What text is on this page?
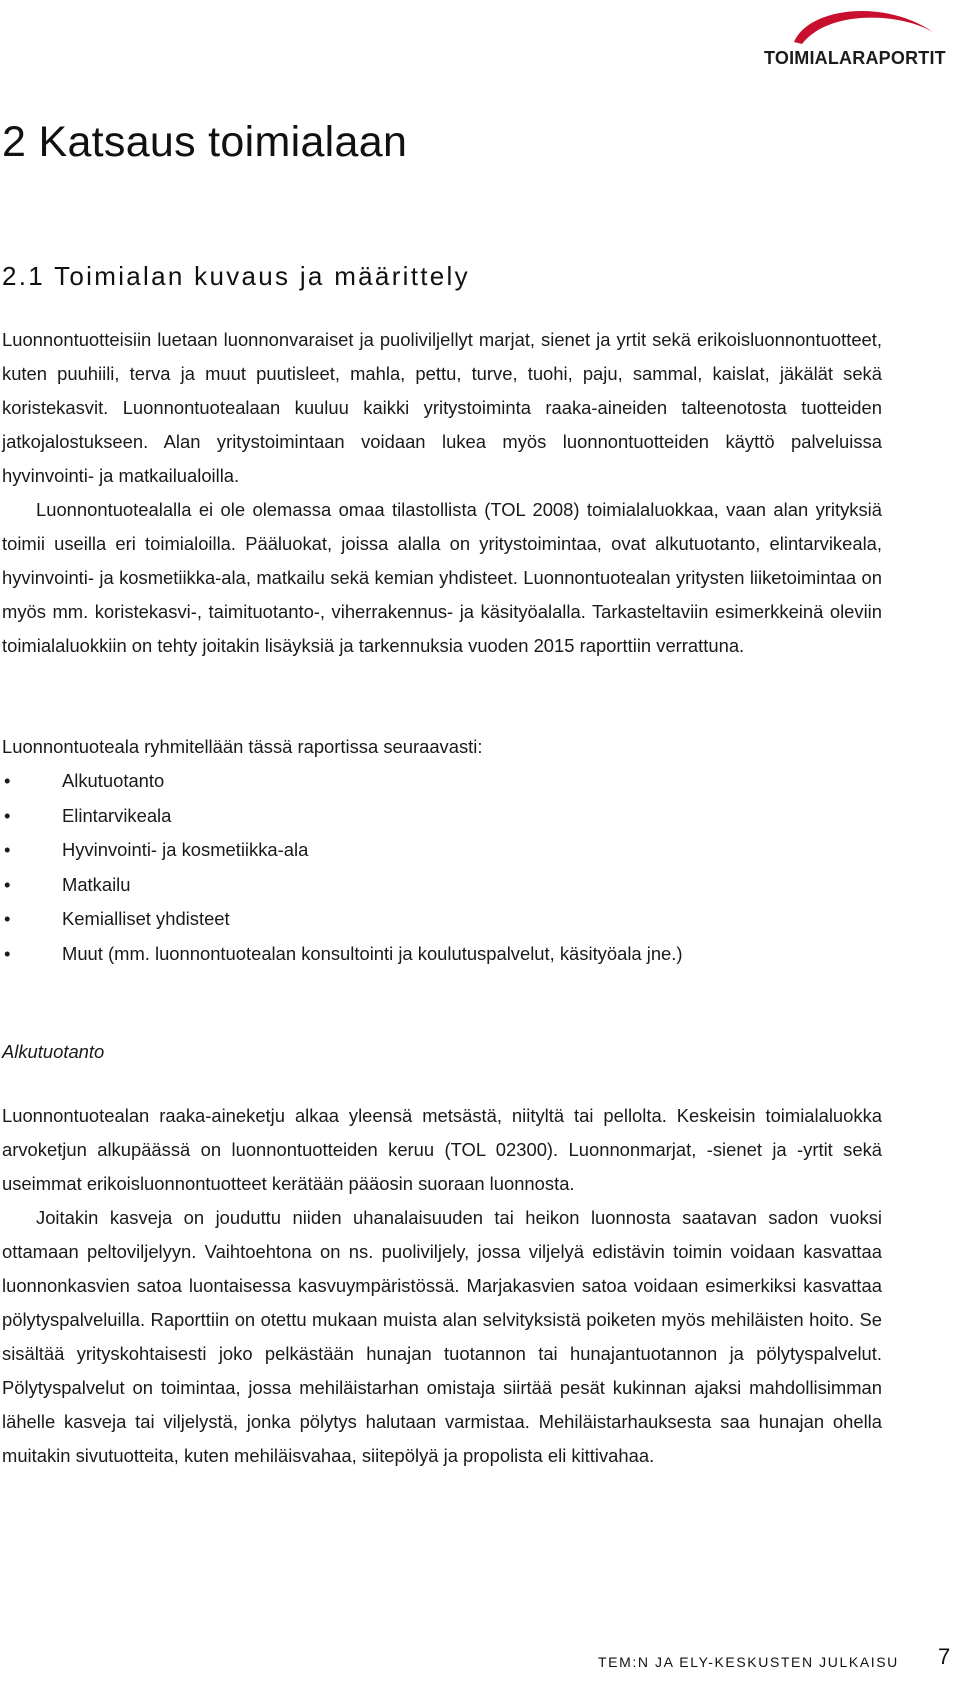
TOIMIALARAPORTIT
2 Katsaus toimialaan
2.1 Toimialan kuvaus ja määrittely

Luonnontuotteisiin luetaan luonnonvaraiset ja puoliviljellyt marjat, sienet ja yrtit sekä erikoisluonnontuotteet, kuten puuhiili, terva ja muut puutisleet, mahla, pettu, turve, tuohi, paju, sammal, kaislat, jäkälät sekä koristekasvit. Luonnontuotealaan kuuluu kaikki yritystoiminta raaka-aineiden talteenotosta tuotteiden jatkojalostukseen. Alan yritystoimintaan voidaan lukea myös luonnontuotteiden käyttö palveluissa hyvinvointi- ja matkailualoilla.

Luonnontuotealalla ei ole olemassa omaa tilastollista (TOL 2008) toimialaluokkaa, vaan alan yrityksiä toimii useilla eri toimialoilla. Pääluokat, joissa alalla on yritystoimintaa, ovat alkutuotanto, elintarvikeala, hyvinvointi- ja kosmetiikka-ala, matkailu sekä kemian yhdisteet. Luonnontuotealan yritysten liiketoimintaa on myös mm. koristekasvi-, taimituotanto-, viherrakennus- ja käsityöalalla. Tarkasteltaviin esimerkkeinä oleviin toimialaluokkiin on tehty joitakin lisäyksiä ja tarkennuksia vuoden 2015 raporttiin verrattuna.

Luonnontuoteala ryhmitellään tässä raportissa seuraavasti:

•	Alkutuotanto
•	Elintarvikeala
•	Hyvinvointi- ja kosmetiikka-ala
•	Matkailu
•	Kemialliset yhdisteet
•	Muut (mm. luonnontuotealan konsultointi ja koulutuspalvelut, käsityöala jne.)
Alkutuotanto

Luonnontuotealan raaka-aineketju alkaa yleensä metsästä, niityltä tai pellolta. Keskeisin toimialaluokka arvoketjun alkupäässä on luonnontuotteiden keruu (TOL 02300). Luonnonmarjat, -sienet ja -yrtit sekä useimmat erikoisluonnontuotteet kerätään pääosin suoraan luonnosta.

Joitakin kasveja on jouduttu niiden uhanalaisuuden tai heikon luonnosta saatavan sadon vuoksi ottamaan peltoviljelyyn. Vaihtoehtona on ns. puoliviljely, jossa viljelyä edistävin toimin voidaan kasvattaa luonnonkasvien satoa luontaisessa kasvuympäristössä. Marjakasvien satoa voidaan esimerkiksi kasvattaa pölytyspalveluilla. Raporttiin on otettu mukaan muista alan selvityksistä poiketen myös mehiläisten hoito. Se sisältää yrityskohtaisesti joko pelkästään hunajan tuotannon tai hunajantuotannon ja pölytyspalvelut. Pölytyspalvelut on toimintaa, jossa mehiläistarhan omistaja siirtää pesät kukinnan ajaksi mahdollisimman lähelle kasveja tai viljelystä, jonka pölytys halutaan varmistaa. Mehiläistarhauksesta saa hunajan ohella muitakin sivutuotteita, kuten mehiläisvahaa, siitepölyä ja propolista eli kittivahaa.

TEM:N JA ELY-KESKUSTEN JULKAISU 7
